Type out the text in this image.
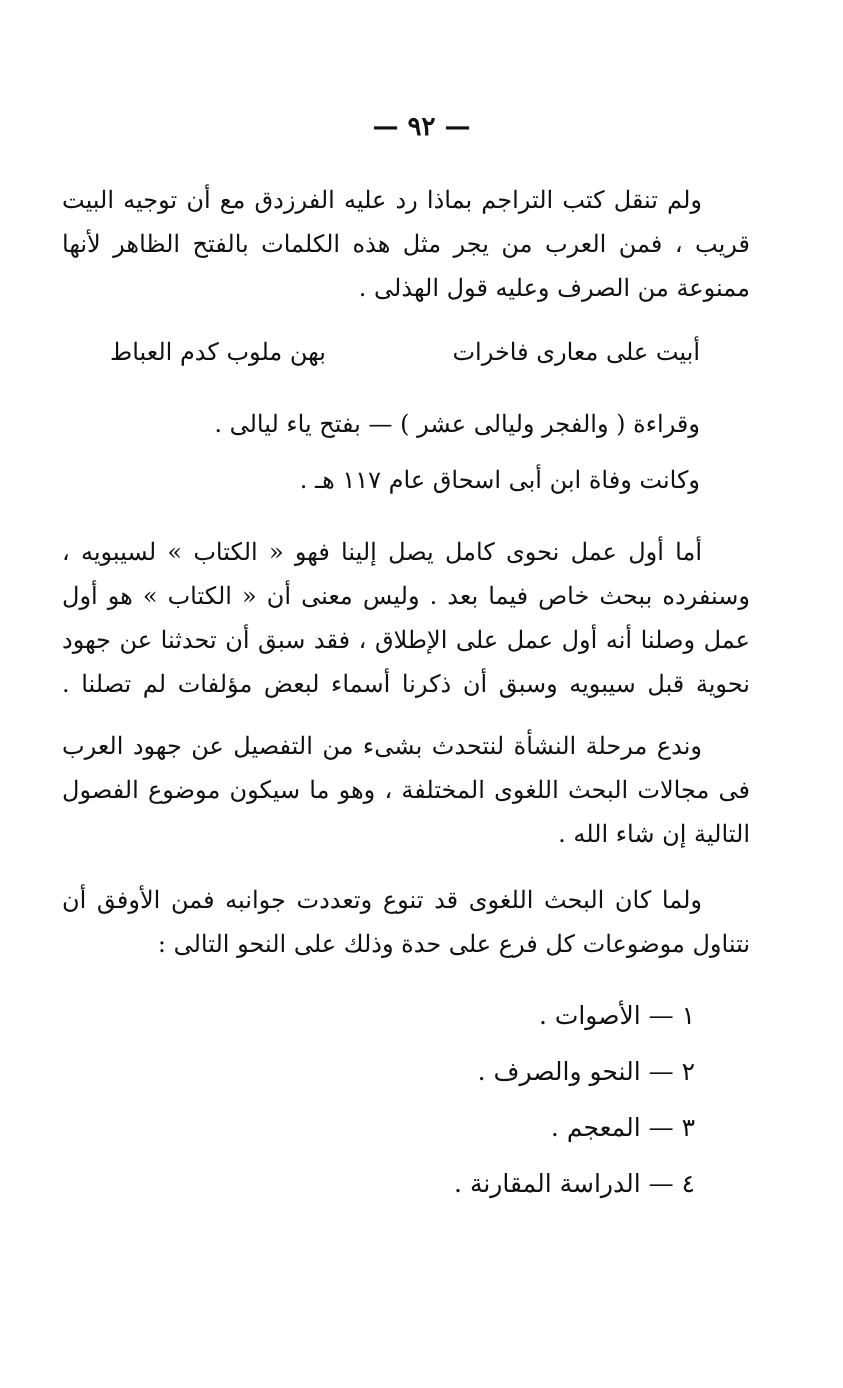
— ٩٢ —
ولم تنقل كتب التراجم بماذا رد عليه الفرزدق مع أن توجيه البيت
قريب ، فمن العرب من يجر مثل هذه الكلمات بالفتح الظاهر لأنها
ممنوعة من الصرف وعليه قول الهذلى .
أبيت على معارى فاخرات
بهن ملوب كدم العباط
وقراءة ( والفجر وليالى عشر ) — بفتح ياء ليالى .
وكانت وفاة ابن أبى اسحاق عام ١١٧ هـ .
أما أول عمل نحوى كامل يصل إلينا فهو « الكتاب » لسيبويه ،
وسنفرده ببحث خاص فيما بعد . وليس معنى أن « الكتاب » هو أول
عمل وصلنا أنه أول عمل على الإطلاق ، فقد سبق أن تحدثنا عن جهود
نحوية قبل سيبويه وسبق أن ذكرنا أسماء لبعض مؤلفات لم تصلنا .
وندع مرحلة النشأة لنتحدث بشىء من التفصيل عن جهود العرب
فى مجالات البحث اللغوى المختلفة ، وهو ما سيكون موضوع الفصول
التالية إن شاء الله .
ولما كان البحث اللغوى قد تنوع وتعددت جوانبه فمن الأوفق أن
نتناول موضوعات كل فرع على حدة وذلك على النحو التالى :
١ — الأصوات .
٢ — النحو والصرف .
٣ — المعجم .
٤ — الدراسة المقارنة .
